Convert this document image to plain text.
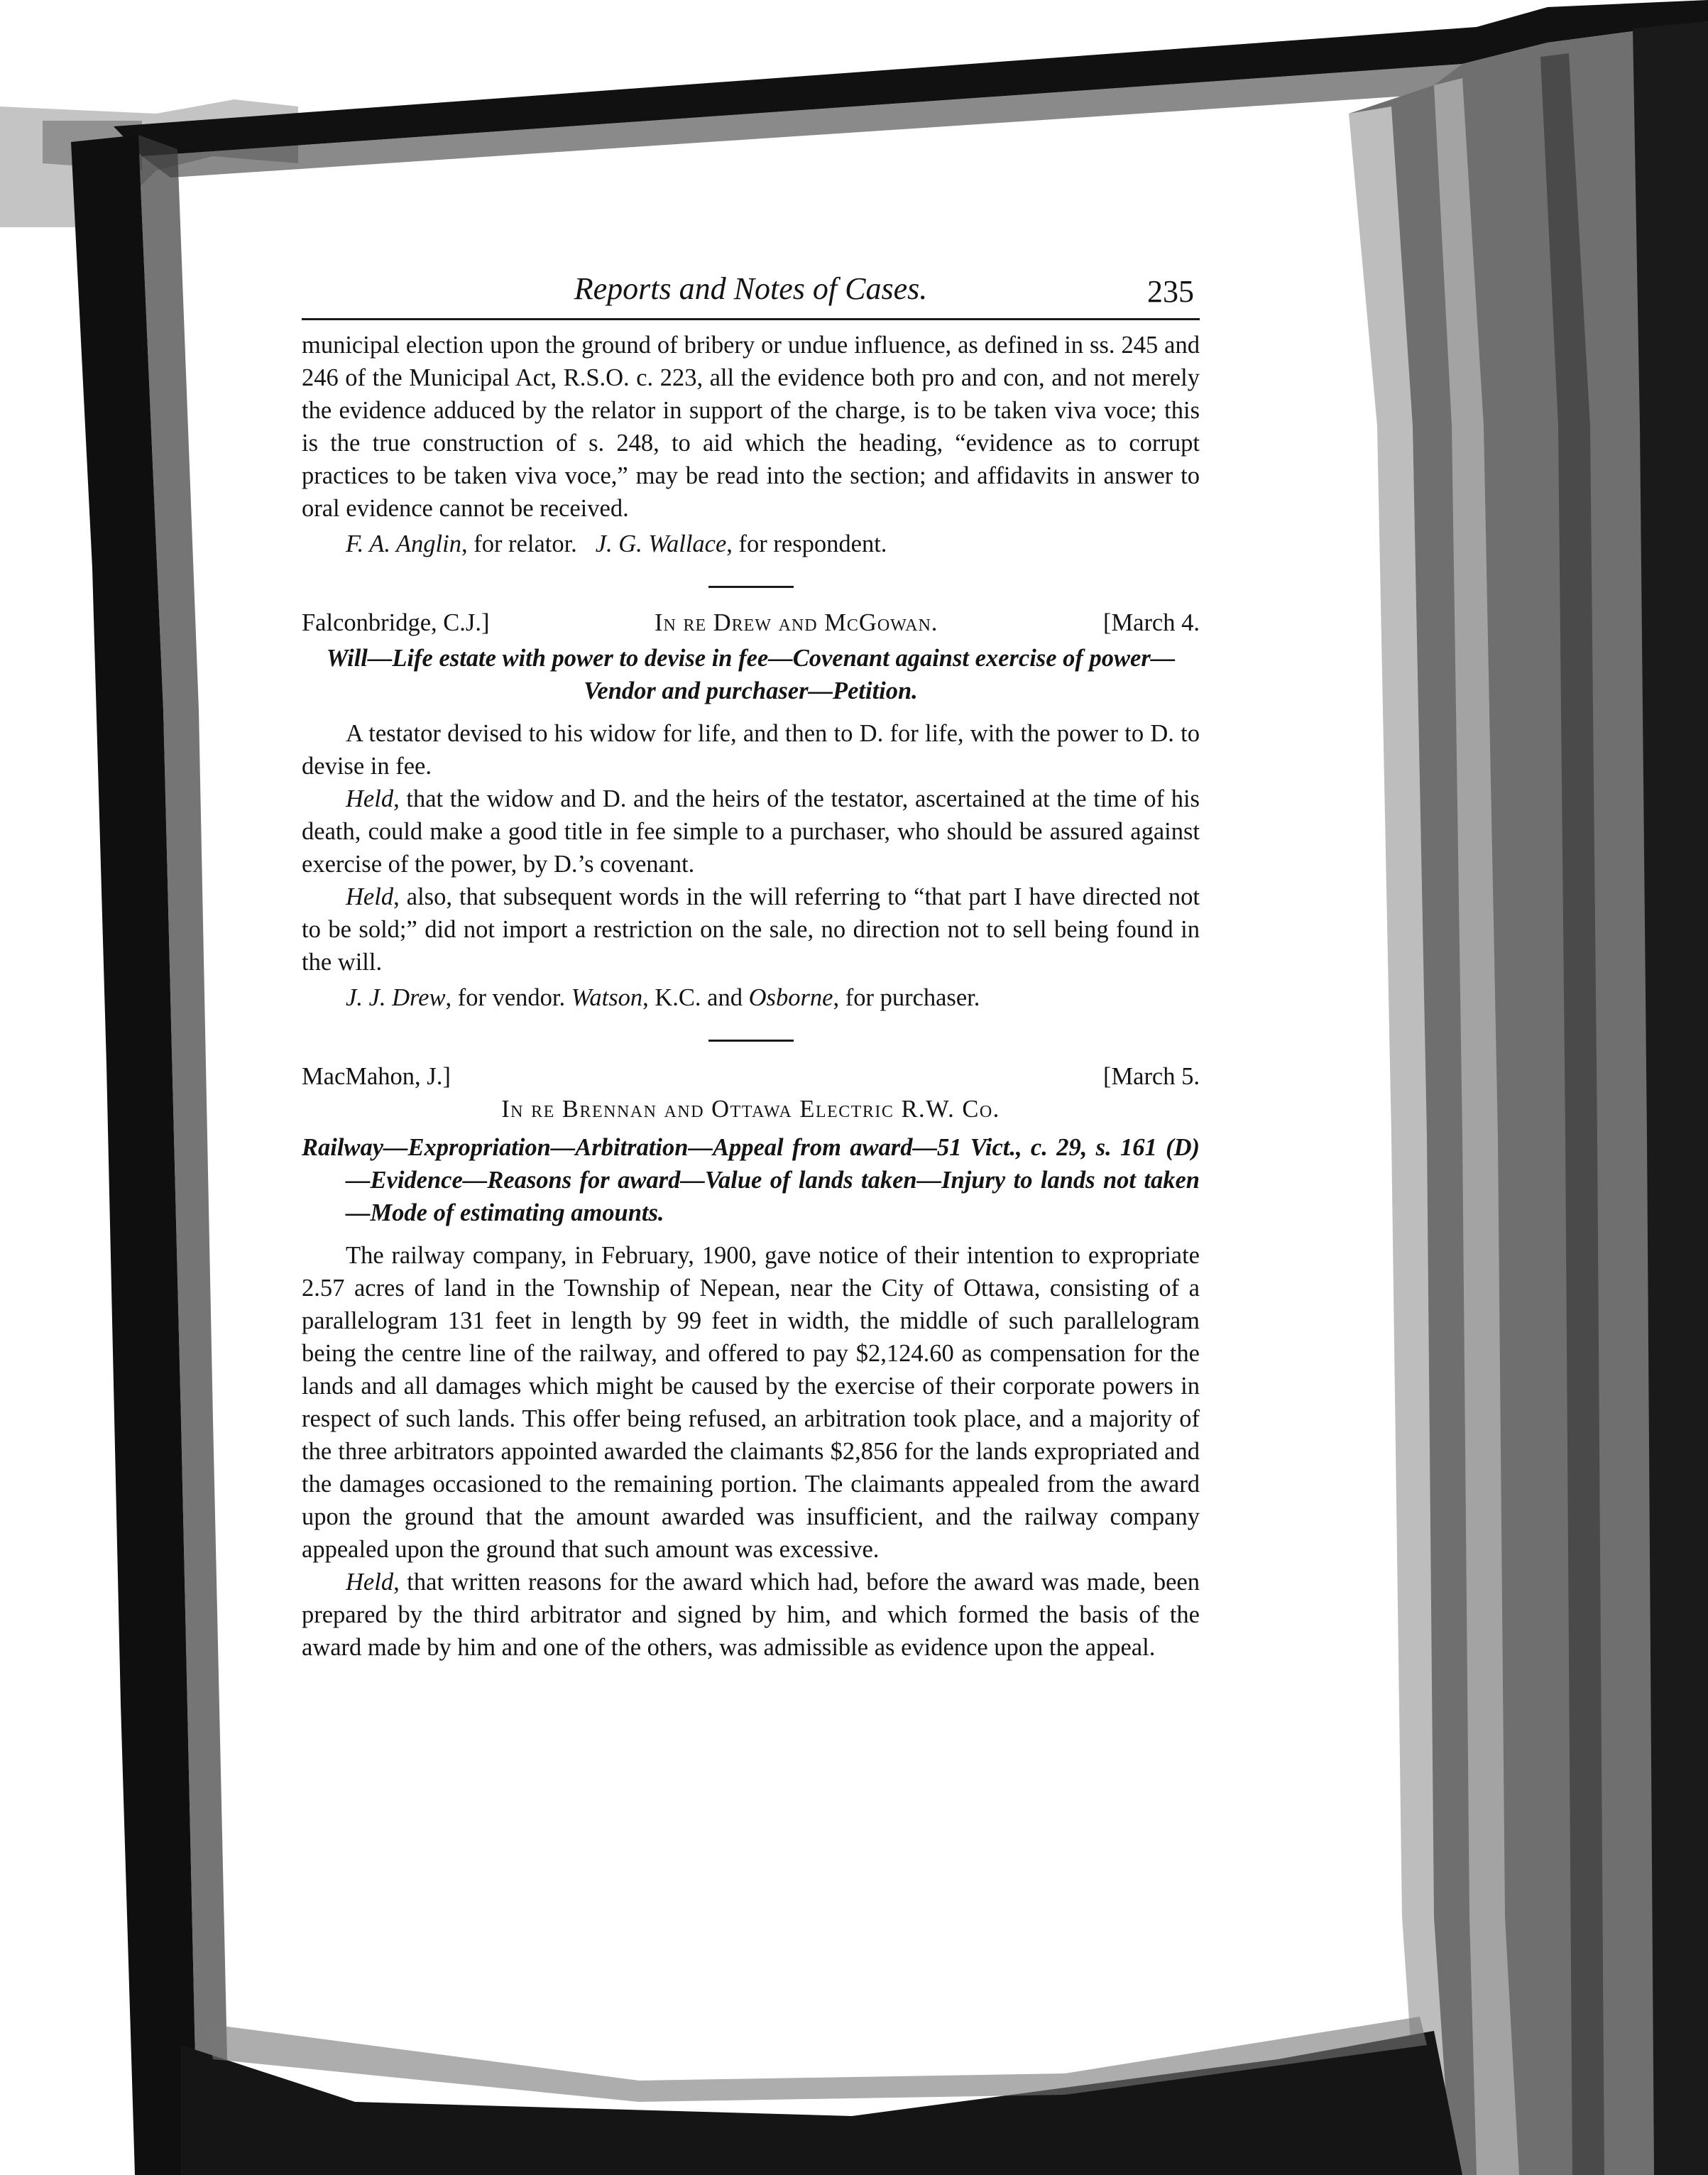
Reports and Notes of Cases.	235

municipal election upon the ground of bribery or undue influence, as defined in ss. 245 and 246 of the Municipal Act, R.S.O. c. 223, all the evidence both pro and con, and not merely the evidence adduced by the relator in support of the charge, is to be taken viva voce; this is the true construction of s. 248, to aid which the heading, “evidence as to corrupt practices to be taken viva voce,” may be read into the section; and affidavits in answer to oral evidence cannot be received.

F. A. Anglin, for relator. J. G. Wallace, for respondent.

Falconbridge, C.J.]	In re Drew and McGowan.	[March 4.

Will—Life estate with power to devise in fee—Covenant against exercise of power—Vendor and purchaser—Petition.

A testator devised to his widow for life, and then to D. for life, with the power to D. to devise in fee.

Held, that the widow and D. and the heirs of the testator, ascertained at the time of his death, could make a good title in fee simple to a purchaser, who should be assured against exercise of the power, by D.’s covenant.

Held, also, that subsequent words in the will referring to “that part I have directed not to be sold;” did not import a restriction on the sale, no direction not to sell being found in the will.

J. J. Drew, for vendor. Watson, K.C. and Osborne, for purchaser.

MacMahon, J.]	[March 5.
In re Brennan and Ottawa Electric R.W. Co.

Railway—Expropriation—Arbitration—Appeal from award—51 Vict., c. 29, s. 161 (D)—Evidence—Reasons for award—Value of lands taken—Injury to lands not taken—Mode of estimating amounts.

The railway company, in February, 1900, gave notice of their intention to expropriate 2.57 acres of land in the Township of Nepean, near the City of Ottawa, consisting of a parallelogram 131 feet in length by 99 feet in width, the middle of such parallelogram being the centre line of the railway, and offered to pay $2,124.60 as compensation for the lands and all damages which might be caused by the exercise of their corporate powers in respect of such lands. This offer being refused, an arbitration took place, and a majority of the three arbitrators appointed awarded the claimants $2,856 for the lands expropriated and the damages occasioned to the remaining portion. The claimants appealed from the award upon the ground that the amount awarded was insufficient, and the railway company appealed upon the ground that such amount was excessive.

Held, that written reasons for the award which had, before the award was made, been prepared by the third arbitrator and signed by him, and which formed the basis of the award made by him and one of the others, was admissible as evidence upon the appeal.
